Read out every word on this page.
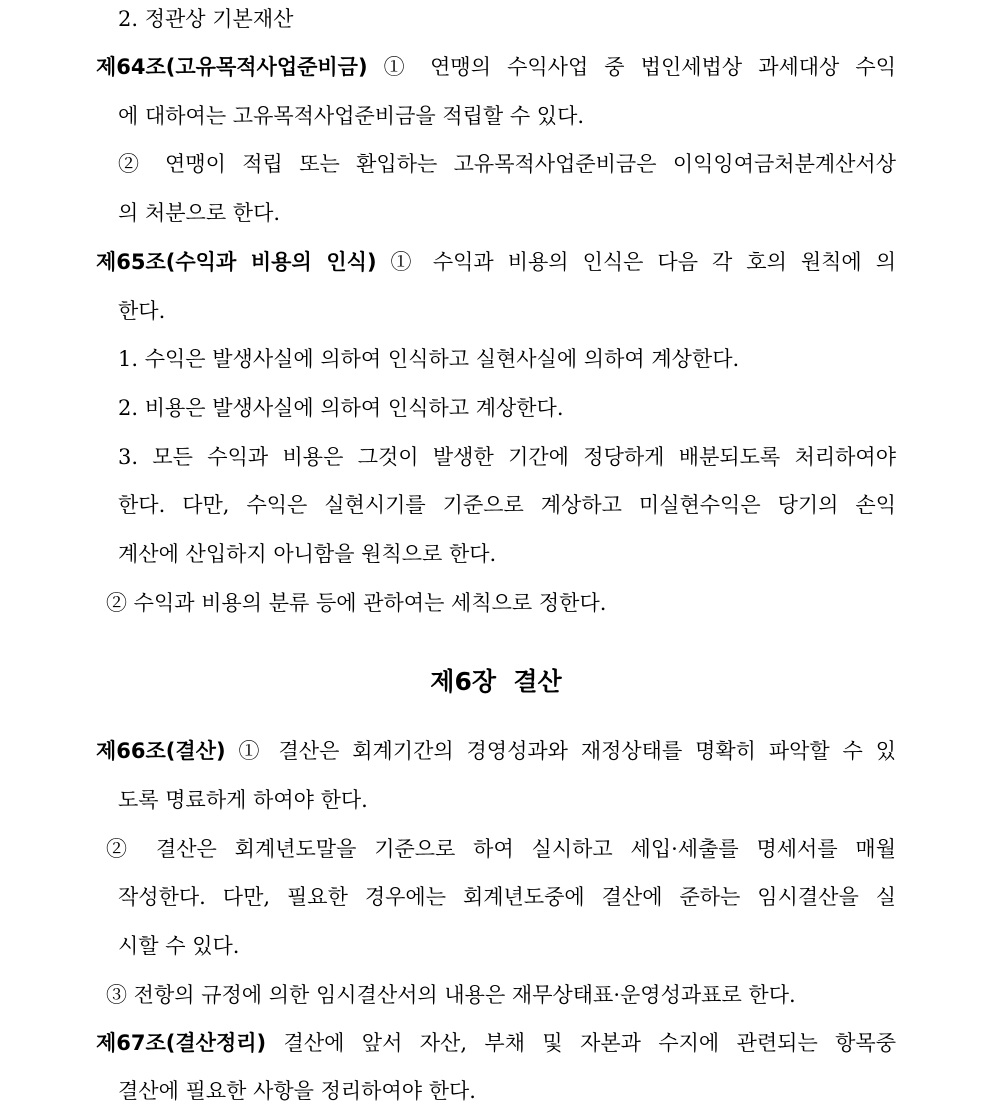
2. 정관상 기본재산
제64조(고유목적사업준비금) ① 연맹의 수익사업 중 법인세법상 과세대상 수익
에 대하여는 고유목적사업준비금을 적립할 수 있다.
② 연맹이 적립 또는 환입하는 고유목적사업준비금은 이익잉여금처분계산서상
의 처분으로 한다.
제65조(수익과 비용의 인식) ① 수익과 비용의 인식은 다음 각 호의 원칙에 의
한다.
1. 수익은 발생사실에 의하여 인식하고 실현사실에 의하여 계상한다.
2. 비용은 발생사실에 의하여 인식하고 계상한다.
3. 모든 수익과 비용은 그것이 발생한 기간에 정당하게 배분되도록 처리하여야
한다. 다만, 수익은 실현시기를 기준으로 계상하고 미실현수익은 당기의 손익
계산에 산입하지 아니함을 원칙으로 한다.
② 수익과 비용의 분류 등에 관하여는 세칙으로 정한다.
제6장  결산
제66조(결산) ① 결산은 회계기간의 경영성과와 재정상태를 명확히 파악할 수 있
도록 명료하게 하여야 한다.
② 결산은 회계년도말을 기준으로 하여 실시하고 세입·세출를 명세서를 매월
작성한다. 다만, 필요한 경우에는 회계년도중에 결산에 준하는 임시결산을 실
시할 수 있다.
③ 전항의 규정에 의한 임시결산서의 내용은 재무상태표·운영성과표로 한다.
제67조(결산정리) 결산에 앞서 자산, 부채 및 자본과 수지에 관련되는 항목중
결산에 필요한 사항을 정리하여야 한다.
